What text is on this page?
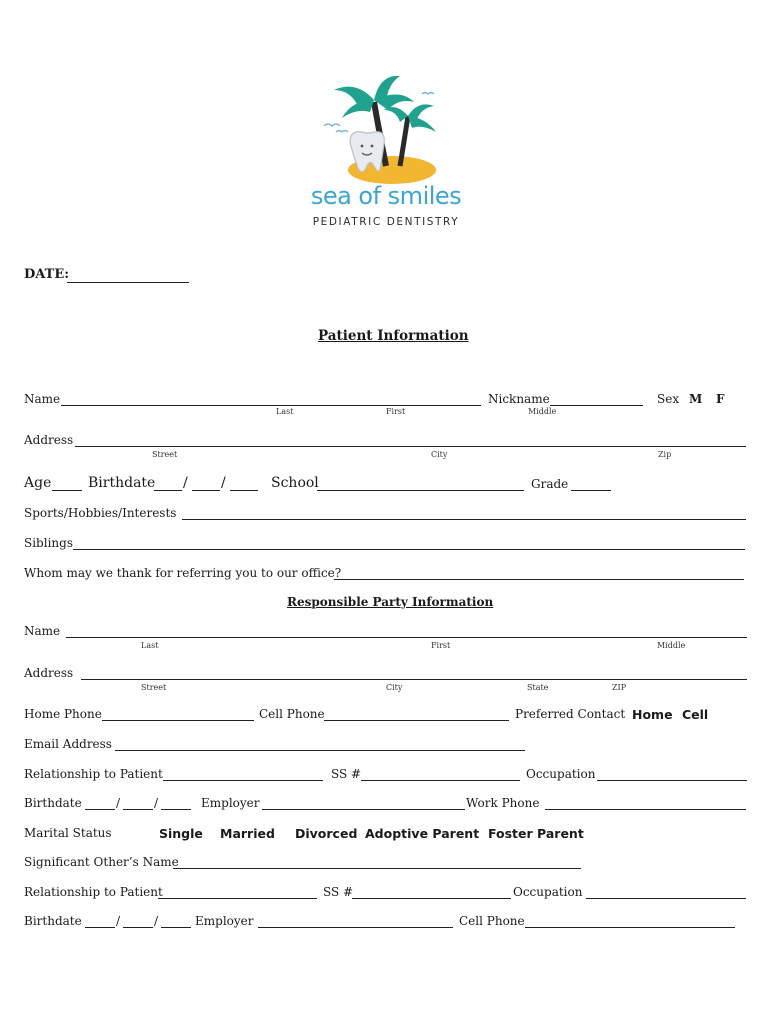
sea of smiles
PEDIATRIC DENTISTRY
DATE:
Patient Information
Name	Nickname	Sex M F
Last	First	Middle
Address
Street	City	Zip
Age	Birthdate / /	School	Grade
Sports/Hobbies/Interests
Siblings
Whom may we thank for referring you to our office?
Responsible Party Information
Name
Last	First	Middle
Address
Street	City	State	ZIP
Home Phone	Cell Phone	Preferred Contact Home Cell
Email Address
Relationship to Patient	SS #	Occupation
Birthdate	/	/	Employer	Work Phone
Marital Status	Single Married Divorced Adoptive Parent Foster Parent
Significant Other’s Name
Relationship to Patient	SS #	Occupation
Birthdate	/	/	Employer	Cell Phone
